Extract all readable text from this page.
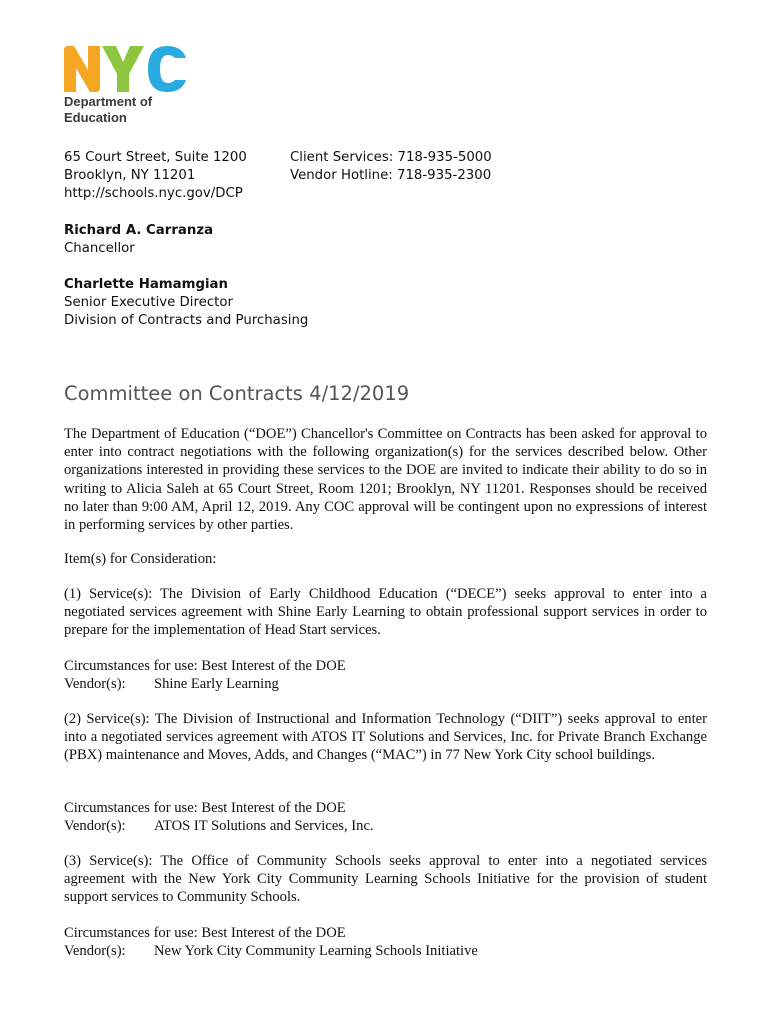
Department of
Education
65 Court Street, Suite 1200
Brooklyn, NY 11201
http://schools.nyc.gov/DCP
Client Services: 718-935-5000
Vendor Hotline: 718-935-2300
Richard A. Carranza
Chancellor
Charlette Hamamgian
Senior Executive Director
Division of Contracts and Purchasing
Committee on Contracts 4/12/2019
The Department of Education (“DOE”) Chancellor's Committee on Contracts has been asked for approval to enter into contract negotiations with the following organization(s) for the services described below. Other organizations interested in providing these services to the DOE are invited to indicate their ability to do so in writing to Alicia Saleh at 65 Court Street, Room 1201; Brooklyn, NY 11201. Responses should be received no later than 9:00 AM, April 12, 2019. Any COC approval will be contingent upon no expressions of interest in performing services by other parties.
Item(s) for Consideration:
(1) Service(s): The Division of Early Childhood Education (“DECE”) seeks approval to enter into a negotiated services agreement with Shine Early Learning to obtain professional support services in order to prepare for the implementation of Head Start services.
Circumstances for use: Best Interest of the DOE
Vendor(s): Shine Early Learning
(2) Service(s): The Division of Instructional and Information Technology (“DIIT”) seeks approval to enter into a negotiated services agreement with ATOS IT Solutions and Services, Inc. for Private Branch Exchange (PBX) maintenance and Moves, Adds, and Changes (“MAC”) in 77 New York City school buildings.
Circumstances for use: Best Interest of the DOE
Vendor(s): ATOS IT Solutions and Services, Inc.
(3) Service(s): The Office of Community Schools seeks approval to enter into a negotiated services agreement with the New York City Community Learning Schools Initiative for the provision of student support services to Community Schools.
Circumstances for use: Best Interest of the DOE
Vendor(s): New York City Community Learning Schools Initiative
